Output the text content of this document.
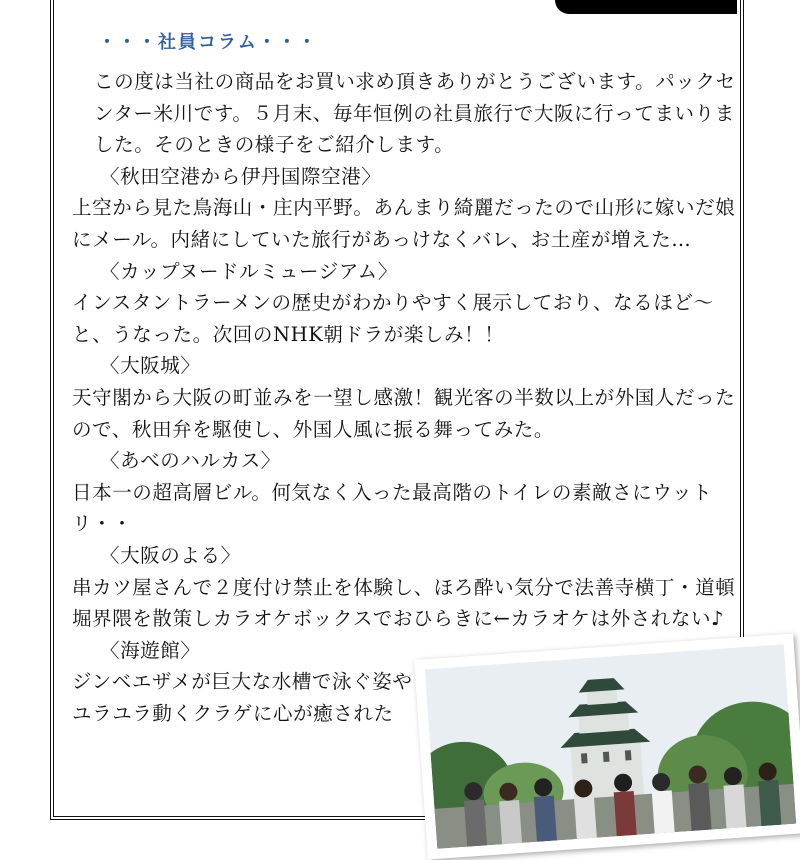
・・・社員コラム・・・

この度は当社の商品をお買い求め頂きありがとうございます。パックセンター米川です。５月末、毎年恒例の社員旅行で大阪に行ってまいりました。そのときの様子をご紹介します。

〈秋田空港から伊丹国際空港〉

上空から見た鳥海山・庄内平野。あんまり綺麗だったので山形に嫁いだ娘にメール。内緒にしていた旅行があっけなくバレ、お土産が増えた…

〈カップヌードルミュージアム〉

インスタントラーメンの歴史がわかりやすく展示しており、なるほど～と、うなった。次回のNHK朝ドラが楽しみ！！

〈大阪城〉

天守閣から大阪の町並みを一望し感激！観光客の半数以上が外国人だったので、秋田弁を駆使し、外国人風に振る舞ってみた。

〈あべのハルカス〉

日本一の超高層ビル。何気なく入った最高階のトイレの素敵さにウットリ・・

〈大阪のよる〉

串カツ屋さんで２度付け禁止を体験し、ほろ酔い気分で法善寺横丁・道頓堀界隈を散策しカラオケボックスでおひらきに←カラオケは外されない♪

〈海遊館〉

ジンベエザメが巨大な水槽で泳ぐ姿やユラユラ動くクラゲに心が癒された
